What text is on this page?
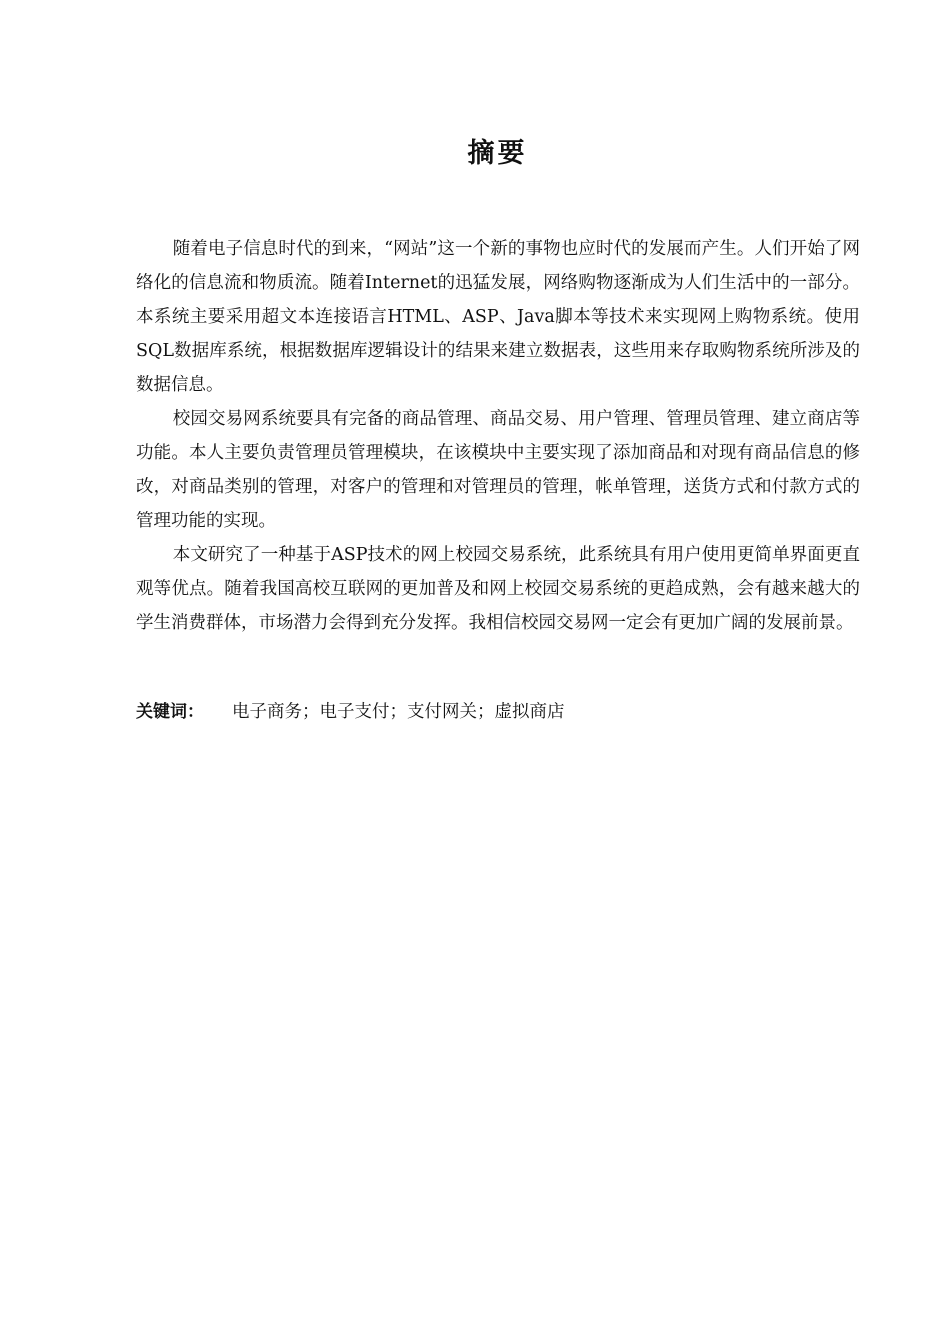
摘要

随着电子信息时代的到来，“网站”这一个新的事物也应时代的发展而产生。人们开始了网络化的信息流和物质流。随着Internet的迅猛发展，网络购物逐渐成为人们生活中的一部分。本系统主要采用超文本连接语言HTML、ASP、Java脚本等技术来实现网上购物系统。使用SQL数据库系统，根据数据库逻辑设计的结果来建立数据表，这些用来存取购物系统所涉及的数据信息。

校园交易网系统要具有完备的商品管理、商品交易、用户管理、管理员管理、建立商店等功能。本人主要负责管理员管理模块，在该模块中主要实现了添加商品和对现有商品信息的修改，对商品类别的管理，对客户的管理和对管理员的管理，帐单管理，送货方式和付款方式的管理功能的实现。

本文研究了一种基于ASP技术的网上校园交易系统，此系统具有用户使用更简单界面更直观等优点。随着我国高校互联网的更加普及和网上校园交易系统的更趋成熟，会有越来越大的学生消费群体，市场潜力会得到充分发挥。我相信校园交易网一定会有更加广阔的发展前景。

关键词： 电子商务；电子支付；支付网关；虚拟商店
